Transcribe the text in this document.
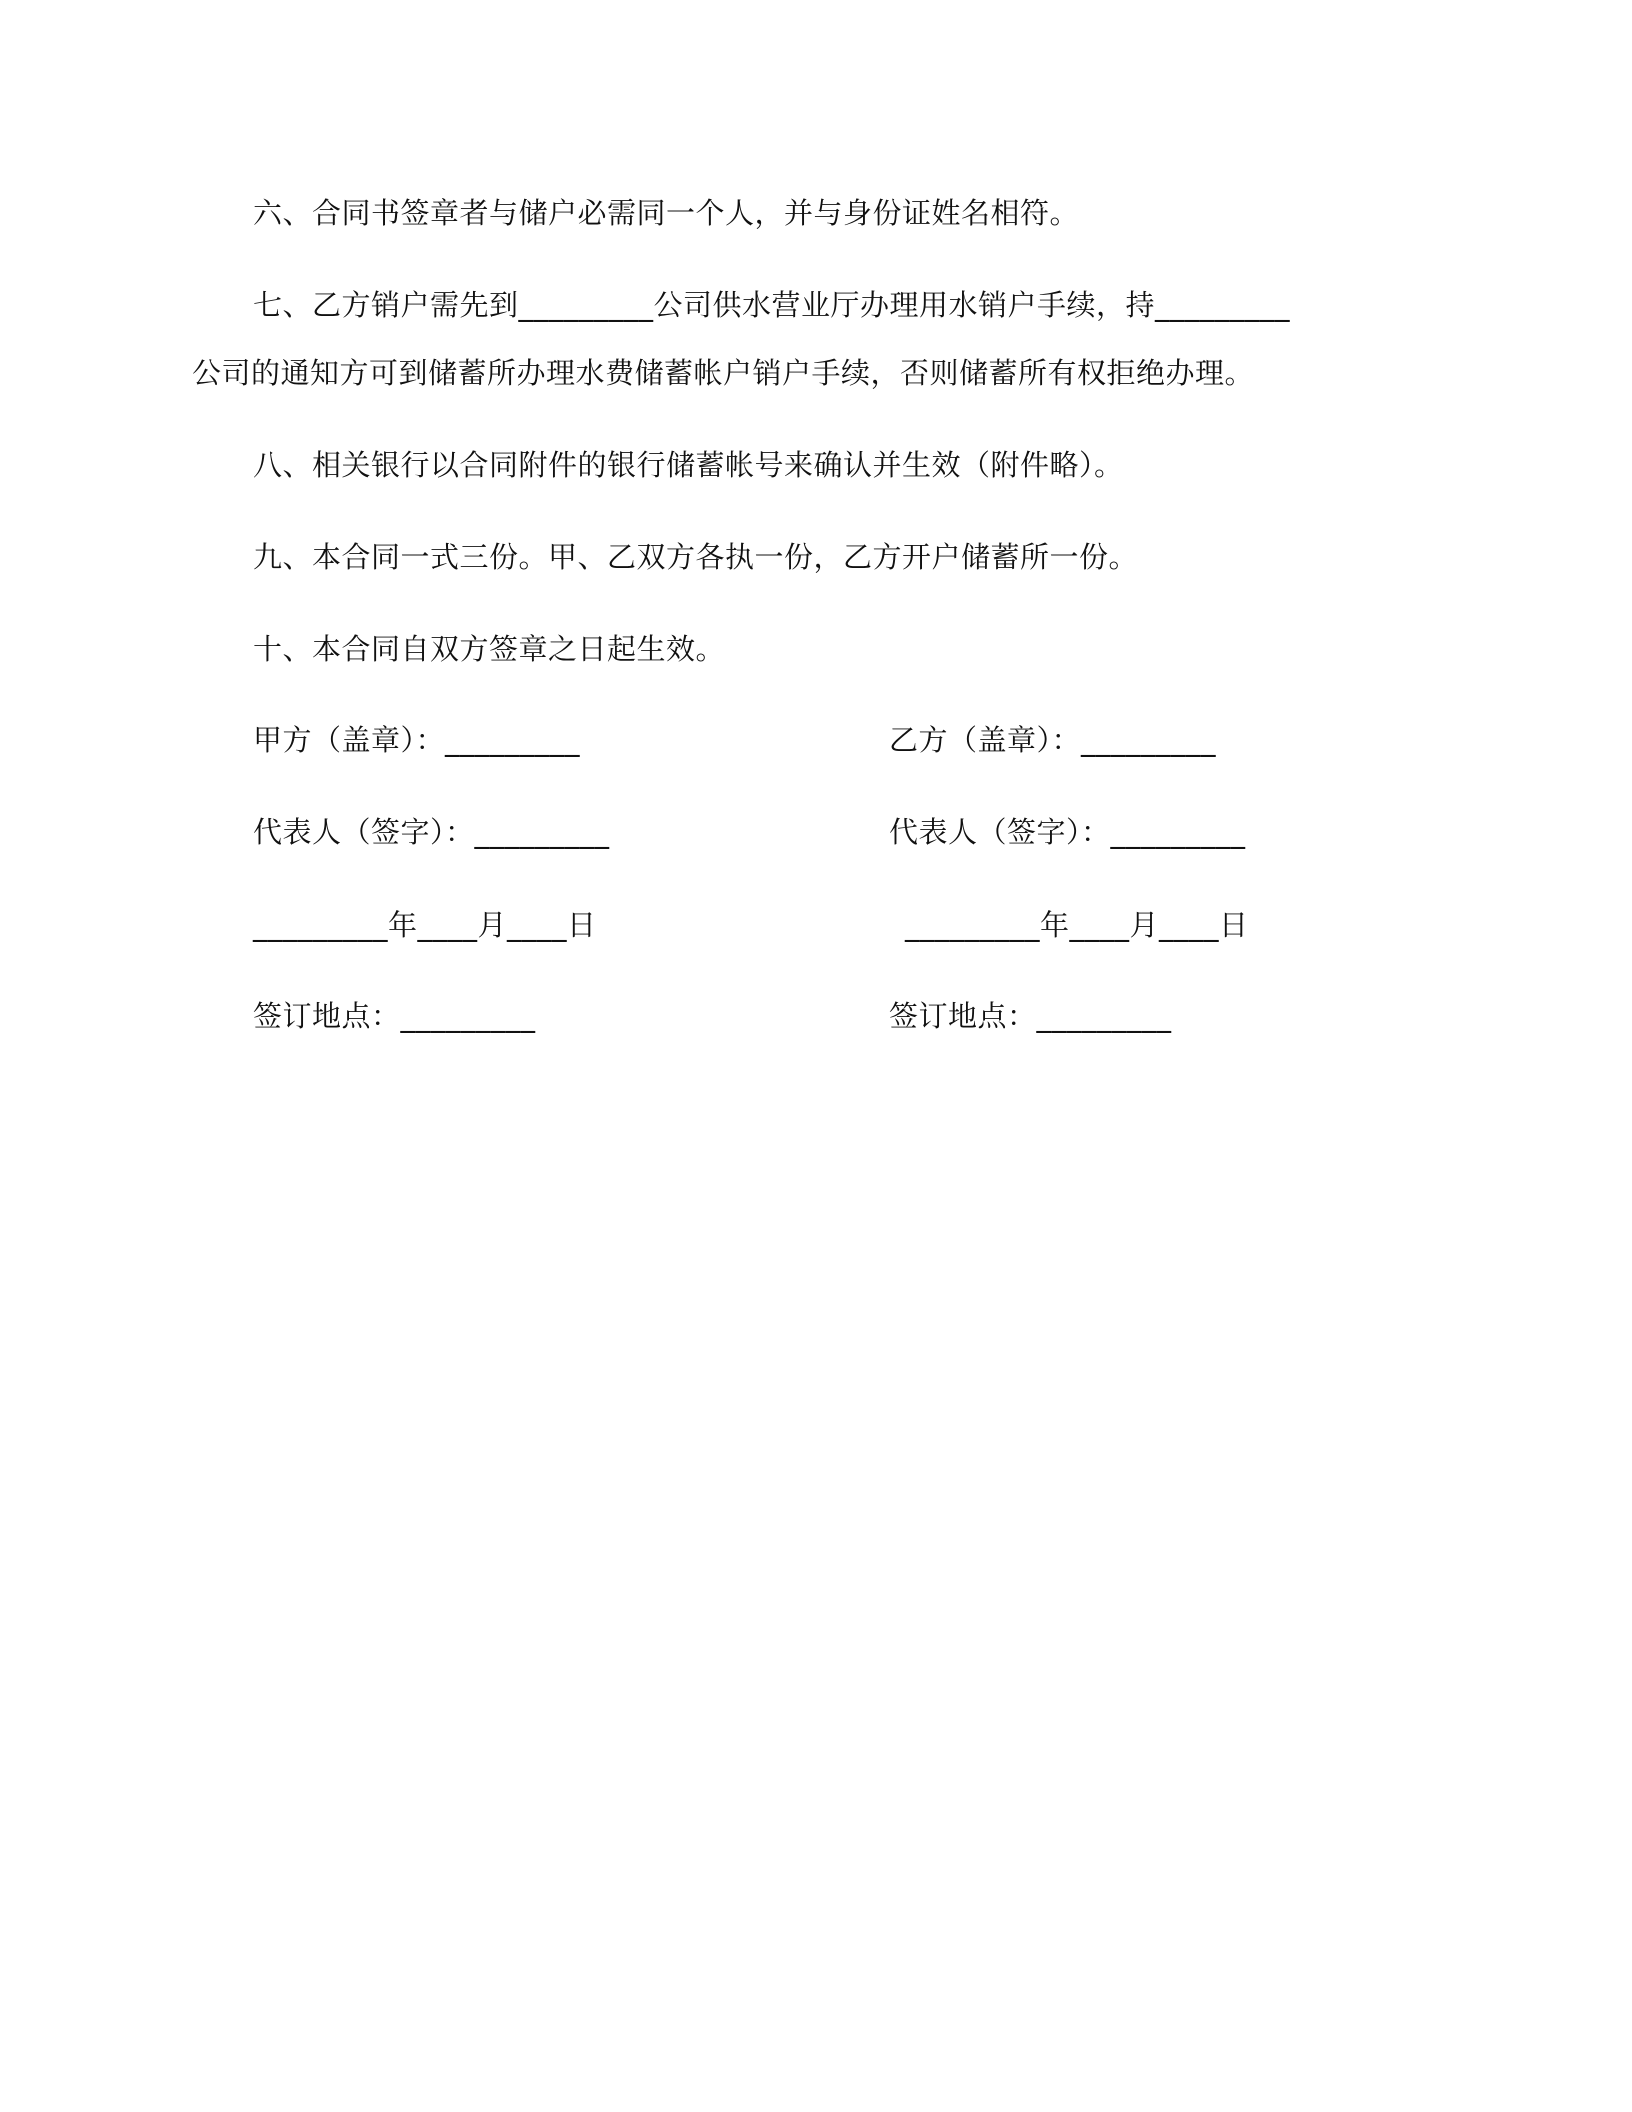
六、合同书签章者与储户必需同一个人，并与身份证姓名相符。
七、乙方销户需先到_________公司供水营业厅办理用水销户手续，持_________
公司的通知方可到储蓄所办理水费储蓄帐户销户手续，否则储蓄所有权拒绝办理。
八、相关银行以合同附件的银行储蓄帐号来确认并生效（附件略）。
九、本合同一式三份。甲、乙双方各执一份，乙方开户储蓄所一份。
十、本合同自双方签章之日起生效。
甲方（盖章）：_________
代表人（签字）：_________
_________年____月____日
签订地点：_________
乙方（盖章）：_________
代表人（签字）：_________
_________年____月____日
签订地点：_________
